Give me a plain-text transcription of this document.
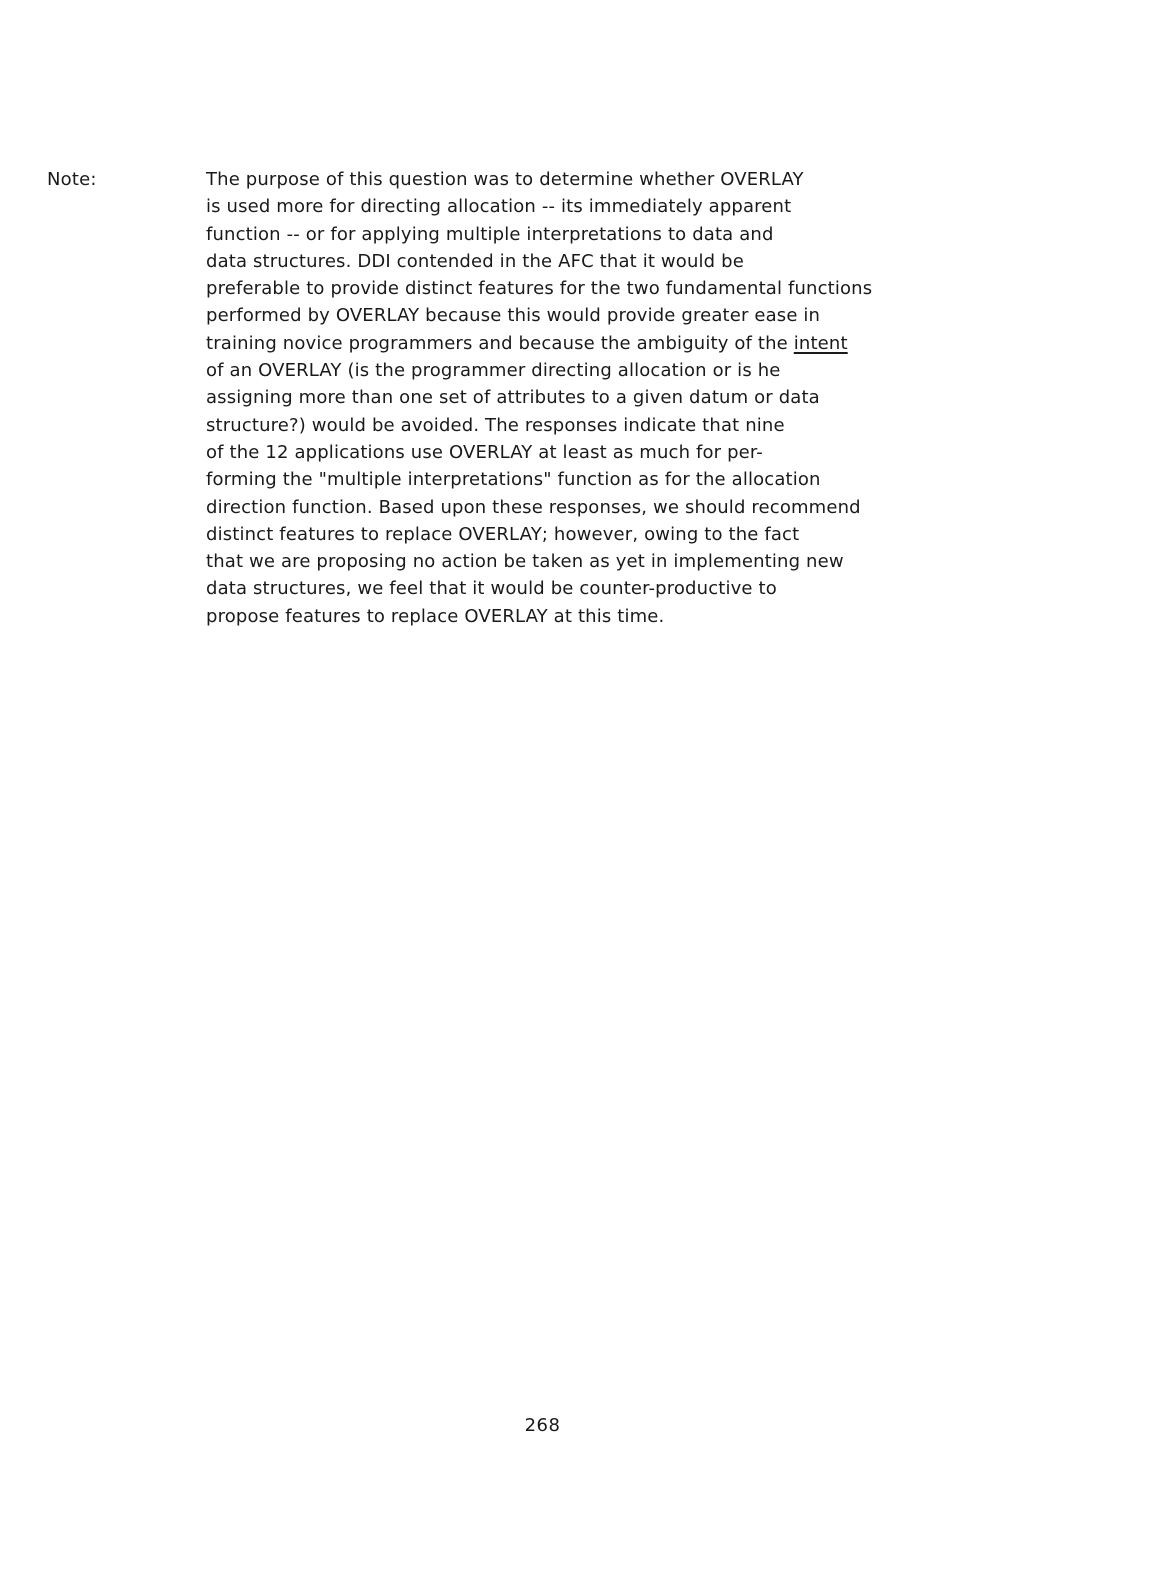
Note:	The purpose of this question was to determine whether OVERLAY
is used more for directing allocation -- its immediately apparent
function -- or for applying multiple interpretations to data and
data structures. DDI contended in the AFC that it would be
preferable to provide distinct features for the two fundamental functions
performed by OVERLAY because this would provide greater ease in
training novice programmers and because the ambiguity of the intent
of an OVERLAY (is the programmer directing allocation or is he
assigning more than one set of attributes to a given datum or data
structure?) would be avoided. The responses indicate that nine
of the 12 applications use OVERLAY at least as much for per-
forming the "multiple interpretations" function as for the allocation
direction function. Based upon these responses, we should recommend
distinct features to replace OVERLAY; however, owing to the fact
that we are proposing no action be taken as yet in implementing new
data structures, we feel that it would be counter-productive to
propose features to replace OVERLAY at this time.
268
